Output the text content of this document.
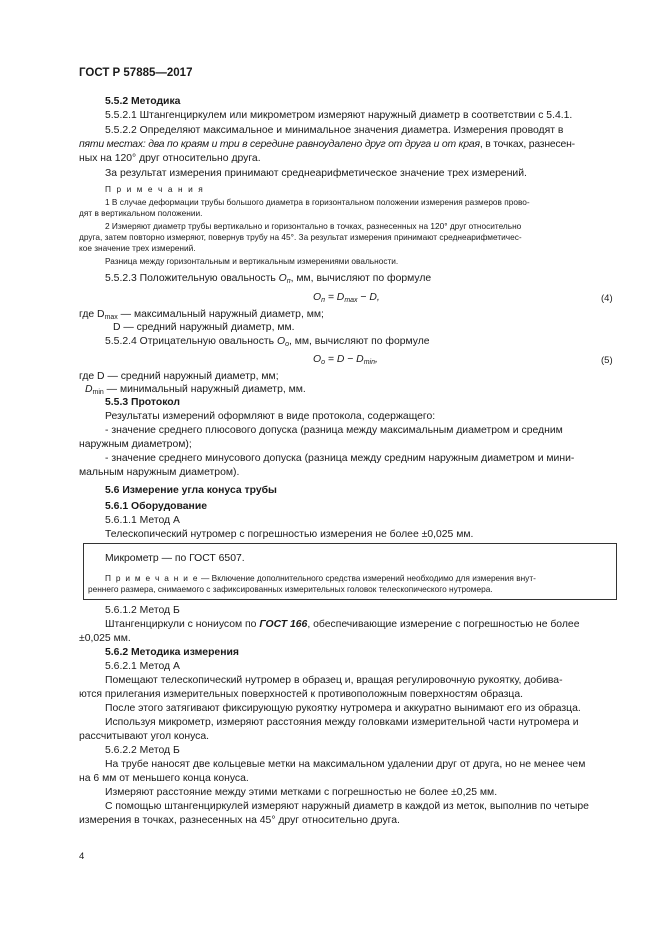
ГОСТ Р 57885—2017
5.5.2 Методика
5.5.2.1 Штангенциркулем или микрометром измеряют наружный диаметр в соответствии с 5.4.1.
5.5.2.2 Определяют максимальное и минимальное значения диаметра. Измерения проводят в
пяти местах: два по краям и три в середине равноудалено друг от друга и от края, в точках, разнесен-
ных на 120° друг относительно друга.
За результат измерения принимают среднеарифметическое значение трех измерений.
П р и м е ч а н и я
1 В случае деформации трубы большого диаметра в горизонтальном положении измерения размеров прово-
дят в вертикальном положении.
2 Измеряют диаметр трубы вертикально и горизонтально в точках, разнесенных на 120° друг относительно
друга, затем повторно измеряют, повернув трубу на 45°. За результат измерения принимают среднеарифметичес-
кое значение трех измерений.
Разница между горизонтальным и вертикальным измерениями овальности.
5.5.2.3 Положительную овальность $O_п$, мм, вычисляют по формуле
$O_п = D_{max} - D$,	(4)
где $D_{max}$ — максимальный наружный диаметр, мм;
D — средний наружный диаметр, мм.
5.5.2.4 Отрицательную овальность $O_о$, мм, вычисляют по формуле
$O_о = D - D_{min}$,	(5)
где D — средний наружный диаметр, мм;
$D_{min}$ — минимальный наружный диаметр, мм.
5.5.3 Протокол
Результаты измерений оформляют в виде протокола, содержащего:
- значение среднего плюсового допуска (разница между максимальным диаметром и средним
наружным диаметром);
- значение среднего минусового допуска (разница между средним наружным диаметром и мини-
мальным наружным диаметром).
5.6 Измерение угла конуса трубы
5.6.1 Оборудование
5.6.1.1 Метод А
Телескопический нутромер с погрешностью измерения не более ±0,025 мм.
Микрометр — по ГОСТ 6507.
П р и м е ч а н и е — Включение дополнительного средства измерений необходимо для измерения внут-
реннего размера, снимаемого с зафиксированных измерительных головок телескопического нутромера.
5.6.1.2 Метод Б
Штангенциркули с нониусом по ГОСТ 166, обеспечивающие измерение с погрешностью не более
±0,025 мм.
5.6.2 Методика измерения
5.6.2.1 Метод А
Помещают телескопический нутромер в образец и, вращая регулировочную рукоятку, добива-
ются прилегания измерительных поверхностей к противоположным поверхностям образца.
После этого затягивают фиксирующую рукоятку нутромера и аккуратно вынимают его из образца.
Используя микрометр, измеряют расстояния между головками измерительной части нутромера и
рассчитывают угол конуса.
5.6.2.2 Метод Б
На трубе наносят две кольцевые метки на максимальном удалении друг от друга, но не менее чем
на 6 мм от меньшего конца конуса.
Измеряют расстояние между этими метками с погрешностью не более ±0,25 мм.
С помощью штангенциркулей измеряют наружный диаметр в каждой из меток, выполнив по четыре
измерения в точках, разнесенных на 45° друг относительно друга.
4
